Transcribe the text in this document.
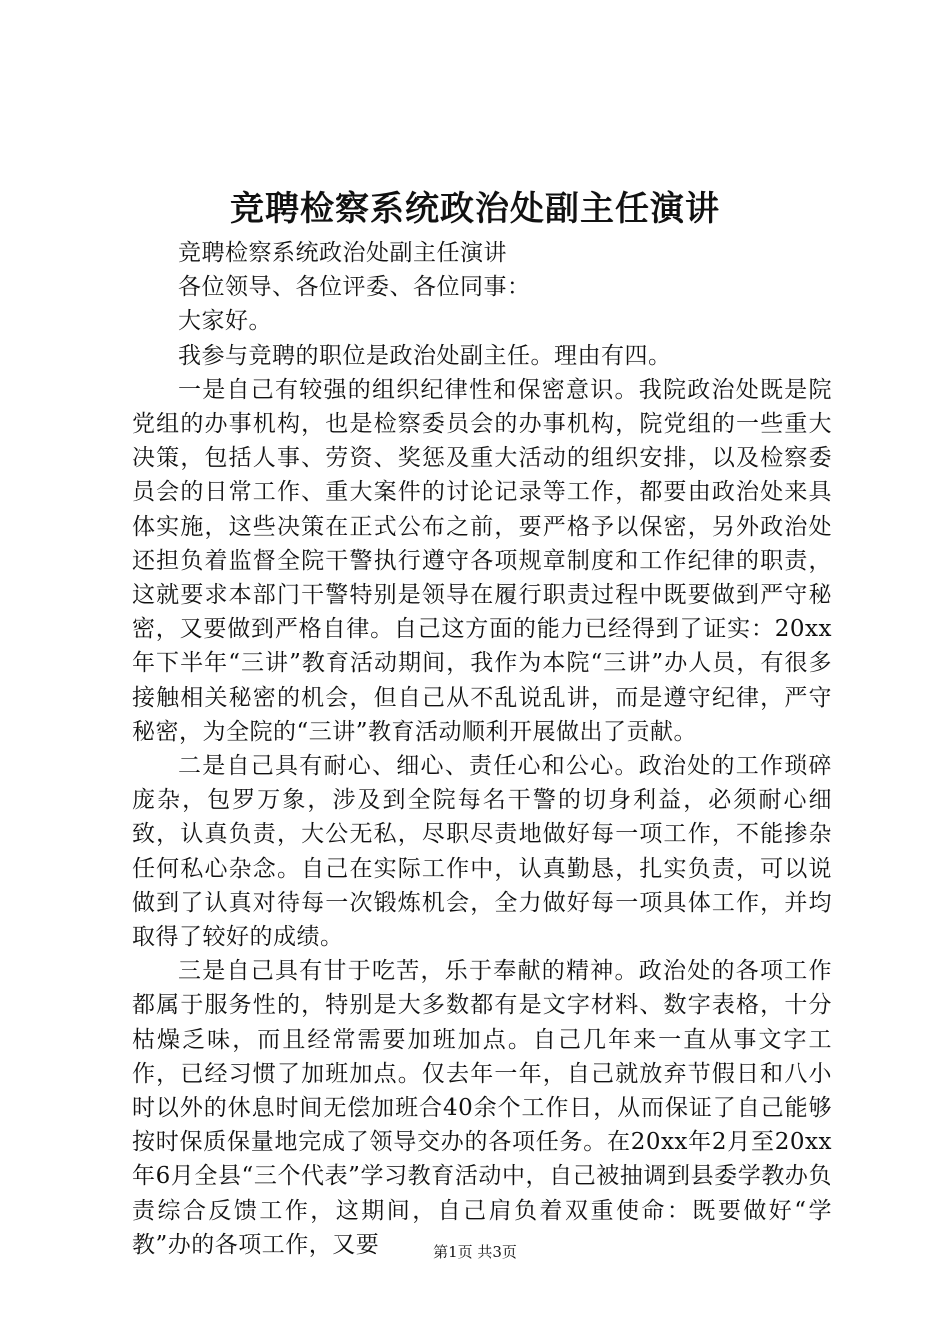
竞聘检察系统政治处副主任演讲

竞聘检察系统政治处副主任演讲

各位领导、各位评委、各位同事：

大家好。

我参与竞聘的职位是政治处副主任。理由有四。

一是自己有较强的组织纪律性和保密意识。我院政治处既是院党组的办事机构，也是检察委员会的办事机构，院党组的一些重大决策，包括人事、劳资、奖惩及重大活动的组织安排，以及检察委员会的日常工作、重大案件的讨论记录等工作，都要由政治处来具体实施，这些决策在正式公布之前，要严格予以保密，另外政治处还担负着监督全院干警执行遵守各项规章制度和工作纪律的职责，这就要求本部门干警特别是领导在履行职责过程中既要做到严守秘密，又要做到严格自律。自己这方面的能力已经得到了证实：20xx年下半年“三讲”教育活动期间，我作为本院“三讲”办人员，有很多接触相关秘密的机会，但自己从不乱说乱讲，而是遵守纪律，严守秘密，为全院的“三讲”教育活动顺利开展做出了贡献。

二是自己具有耐心、细心、责任心和公心。政治处的工作琐碎庞杂，包罗万象，涉及到全院每名干警的切身利益，必须耐心细致，认真负责，大公无私，尽职尽责地做好每一项工作，不能掺杂任何私心杂念。自己在实际工作中，认真勤恳，扎实负责，可以说做到了认真对待每一次锻炼机会，全力做好每一项具体工作，并均取得了较好的成绩。

三是自己具有甘于吃苦，乐于奉献的精神。政治处的各项工作都属于服务性的，特别是大多数都有是文字材料、数字表格，十分枯燥乏味，而且经常需要加班加点。自己几年来一直从事文字工作，已经习惯了加班加点。仅去年一年，自己就放弃节假日和八小时以外的休息时间无偿加班合40余个工作日，从而保证了自己能够按时保质保量地完成了领导交办的各项任务。在20xx年2月至20xx年6月全县“三个代表”学习教育活动中，自己被抽调到县委学教办负责综合反馈工作，这期间，自己肩负着双重使命：既要做好“学教”办的各项工作，又要	第1页 共3页
